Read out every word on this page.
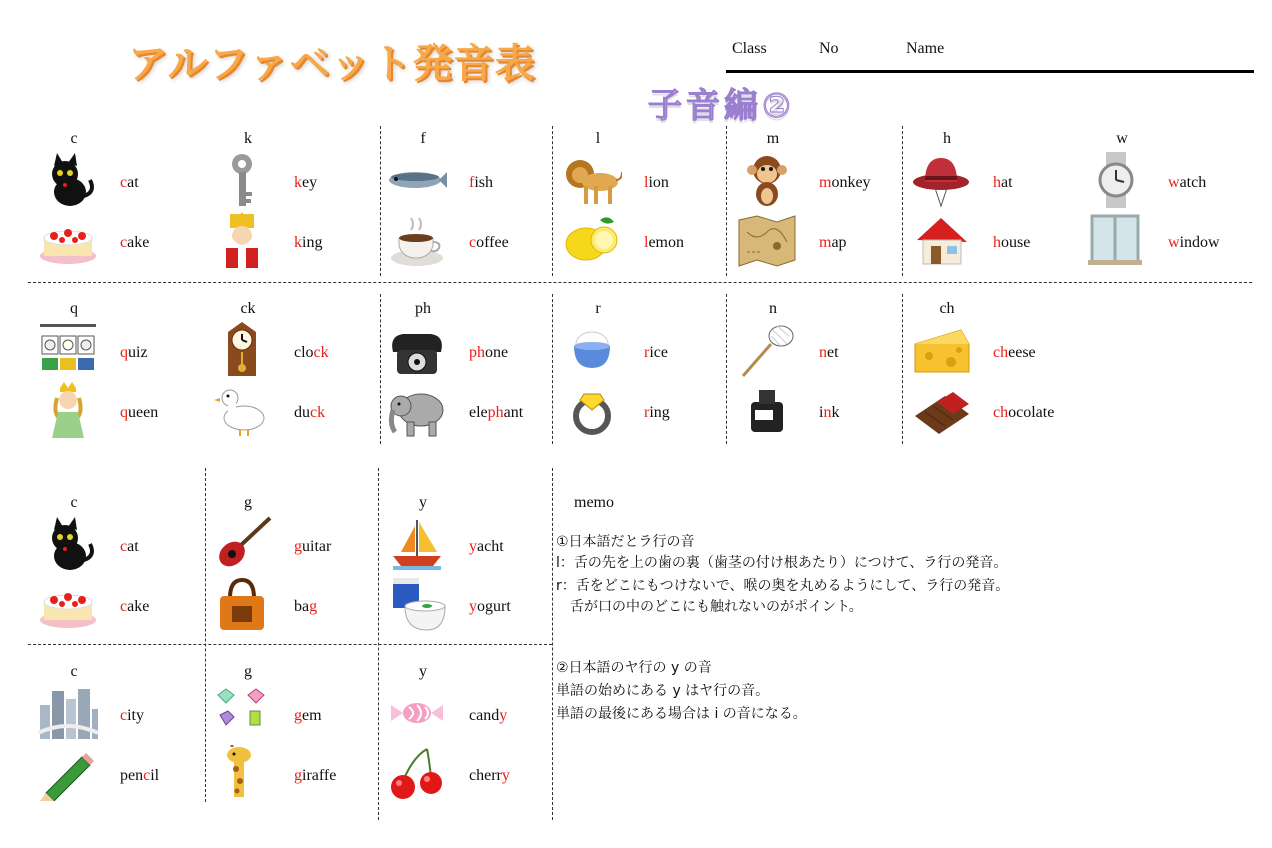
アルファベット発音表
子音編②
Class	No	Name
c
cat
cake
k
key
king
f
fish
coffee
l
lion
lemon
m
monkey
map
h
hat
house
w
watch
window
q
quiz
queen
ck
clock
duck
ph
phone
elephant
r
rice
ring
n
net
ink
ch
cheese
chocolate
c
cat
cake
g
guitar
bag
y
yacht
yogurt
c
city
pencil
g
gem
giraffe
y
candy
cherry
memo
①日本語だとラ行の音
l：舌の先を上の歯の裏（歯茎の付け根あたり）につけて、ラ行の発音。
r：舌をどこにもつけないで、喉の奥を丸めるようにして、ラ行の発音。
　舌が口の中のどこにも触れないのがポイント。
②日本語のヤ行の y の音
単語の始めにある y はヤ行の音。
単語の最後にある場合は i の音になる。
